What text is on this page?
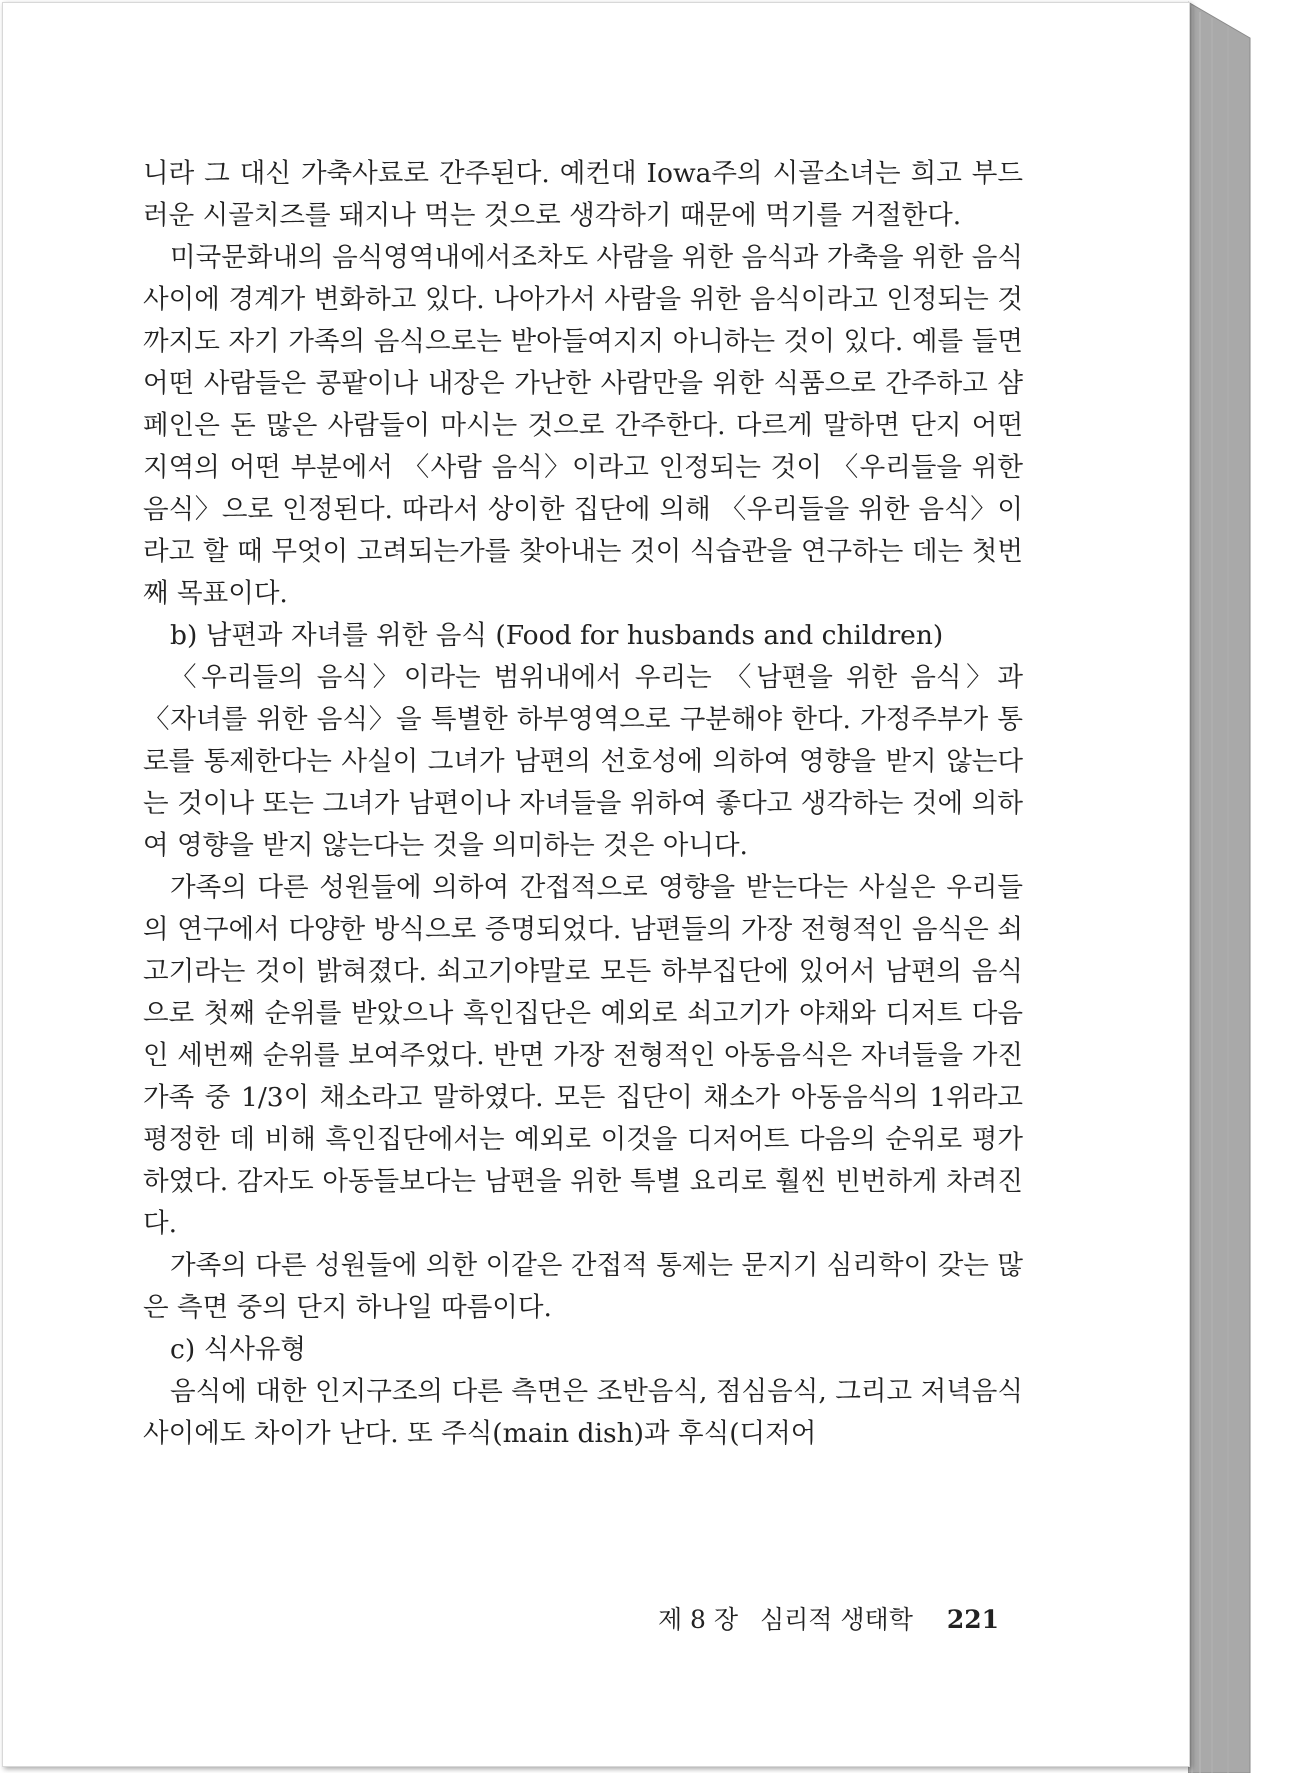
니라 그 대신 가축사료로 간주된다. 예컨대 Iowa주의 시골소녀는 희고 부드러운 시골치즈를 돼지나 먹는 것으로 생각하기 때문에 먹기를 거절한다.

미국문화내의 음식영역내에서조차도 사람을 위한 음식과 가축을 위한 음식 사이에 경계가 변화하고 있다. 나아가서 사람을 위한 음식이라고 인정되는 것까지도 자기 가족의 음식으로는 받아들여지지 아니하는 것이 있다. 예를 들면 어떤 사람들은 콩팥이나 내장은 가난한 사람만을 위한 식품으로 간주하고 샴페인은 돈 많은 사람들이 마시는 것으로 간주한다. 다르게 말하면 단지 어떤 지역의 어떤 부분에서 〈사람 음식〉이라고 인정되는 것이 〈우리들을 위한 음식〉으로 인정된다. 따라서 상이한 집단에 의해 〈우리들을 위한 음식〉이라고 할 때 무엇이 고려되는가를 찾아내는 것이 식습관을 연구하는 데는 첫번째 목표이다.

b) 남편과 자녀를 위한 음식 (Food for husbands and children)

〈우리들의 음식〉이라는 범위내에서 우리는 〈남편을 위한 음식〉과 〈자녀를 위한 음식〉을 특별한 하부영역으로 구분해야 한다. 가정주부가 통로를 통제한다는 사실이 그녀가 남편의 선호성에 의하여 영향을 받지 않는다는 것이나 또는 그녀가 남편이나 자녀들을 위하여 좋다고 생각하는 것에 의하여 영향을 받지 않는다는 것을 의미하는 것은 아니다.

가족의 다른 성원들에 의하여 간접적으로 영향을 받는다는 사실은 우리들의 연구에서 다양한 방식으로 증명되었다. 남편들의 가장 전형적인 음식은 쇠고기라는 것이 밝혀졌다. 쇠고기야말로 모든 하부집단에 있어서 남편의 음식으로 첫째 순위를 받았으나 흑인집단은 예외로 쇠고기가 야채와 디저트 다음인 세번째 순위를 보여주었다. 반면 가장 전형적인 아동음식은 자녀들을 가진 가족 중 1/3이 채소라고 말하였다. 모든 집단이 채소가 아동음식의 1위라고 평정한 데 비해 흑인집단에서는 예외로 이것을 디저어트 다음의 순위로 평가하였다. 감자도 아동들보다는 남편을 위한 특별 요리로 훨씬 빈번하게 차려진다.

가족의 다른 성원들에 의한 이같은 간접적 통제는 문지기 심리학이 갖는 많은 측면 중의 단지 하나일 따름이다.

c) 식사유형

음식에 대한 인지구조의 다른 측면은 조반음식, 점심음식, 그리고 저녁음식 사이에도 차이가 난다. 또 주식(main dish)과 후식(디저어

제 8 장 심리적 생태학 221
